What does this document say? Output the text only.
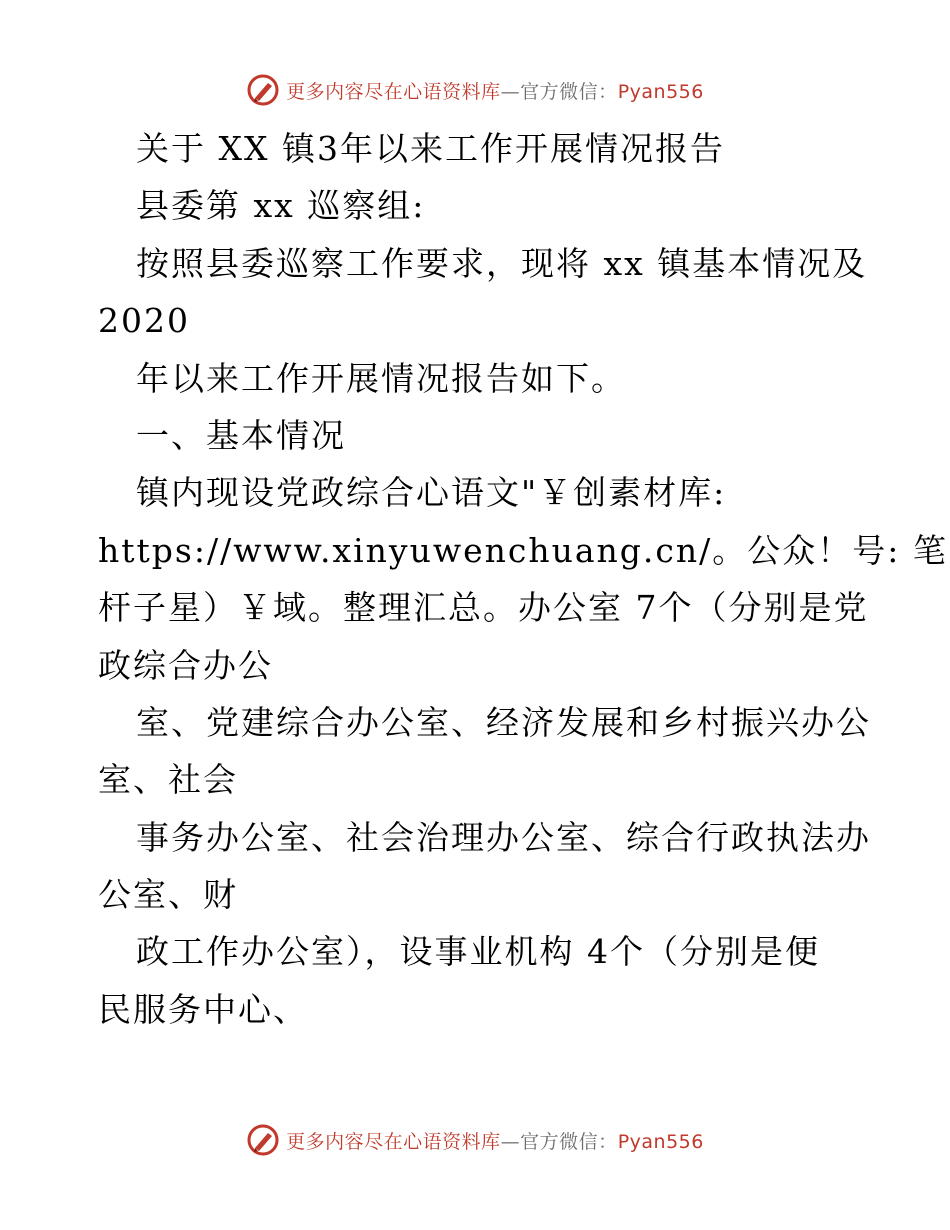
更多内容尽在心语资料库—官方微信：Pyan556
关于 XX 镇3年以来工作开展情况报告
县委第 xx 巡察组:
按照县委巡察工作要求，现将 xx 镇基本情况及
2020
年以来工作开展情况报告如下。
一、基本情况
镇内现设党政综合心语文"￥创素材库:
https://www.xinyuwenchuang.cn/。公众！号: 笔
杆子星）￥域。整理汇总。办公室 7个（分别是党
政综合办公
室、党建综合办公室、经济发展和乡村振兴办公
室、社会
事务办公室、社会治理办公室、综合行政执法办
公室、财
政工作办公室），设事业机构 4个（分别是便
民服务中心、
更多内容尽在心语资料库—官方微信：Pyan556
